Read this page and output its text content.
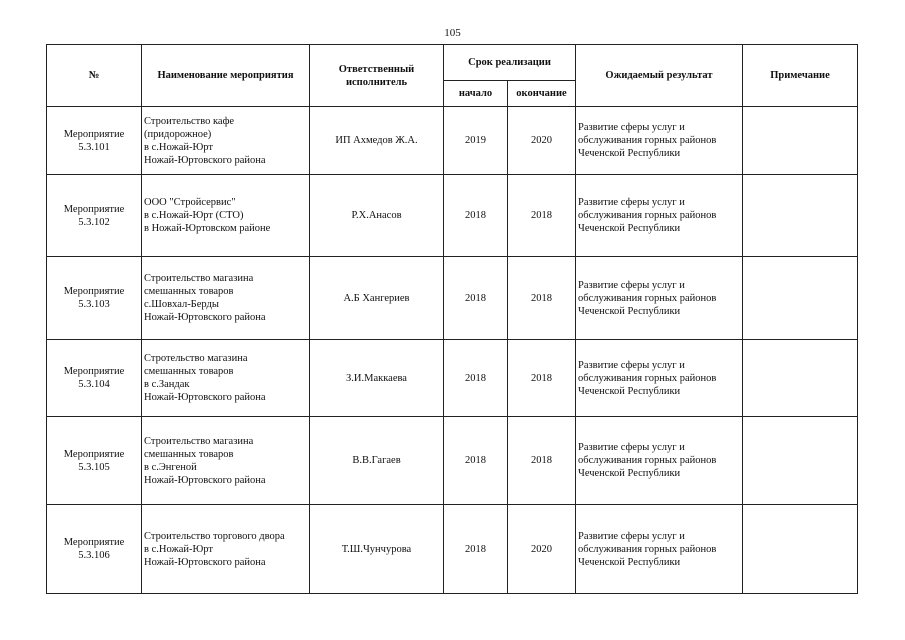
105
№	Наименование мероприятия	Ответственный исполнитель	Срок реализации		Ожидаемый результат	Примечание
			начало	окончание		

Мероприятие
5.3.101	Строительство кафе
(придорожное)
в с.Ножай-Юрт
Ножай-Юртовского района	ИП Ахмедов Ж.А.	2019	2020	Развитие сферы услуг и
обслуживания горных районов
Чеченской Республики	

Мероприятие
5.3.102	ООО "Стройсервис"
в с.Ножай-Юрт (СТО)
в Ножай-Юртовском районе	Р.Х.Анасов	2018	2018	Развитие сферы услуг и
обслуживания горных районов
Чеченской Республики	

Мероприятие
5.3.103	Строительство магазина
смешанных товаров
с.Шовхал-Берды
Ножай-Юртовского района	А.Б Хангериев	2018	2018	Развитие сферы услуг и
обслуживания горных районов
Чеченской Республики	

Мероприятие
5.3.104	Стротельство магазина
смешанных товаров
в с.Зандак
Ножай-Юртовского района	З.И.Маккаева	2018	2018	Развитие сферы услуг и
обслуживания горных районов
Чеченской Республики	

Мероприятие
5.3.105	Строительство магазина
смешанных товаров
в с.Энгеной
Ножай-Юртовского района	В.В.Гагаев	2018	2018	Развитие сферы услуг и
обслуживания горных районов
Чеченской Республики	

Мероприятие
5.3.106	Строительство торгового двора
в с.Ножай-Юрт
Ножай-Юртовского района	Т.Ш.Чунчурова	2018	2020	Развитие сферы услуг и
обслуживания горных районов
Чеченской Республики	
